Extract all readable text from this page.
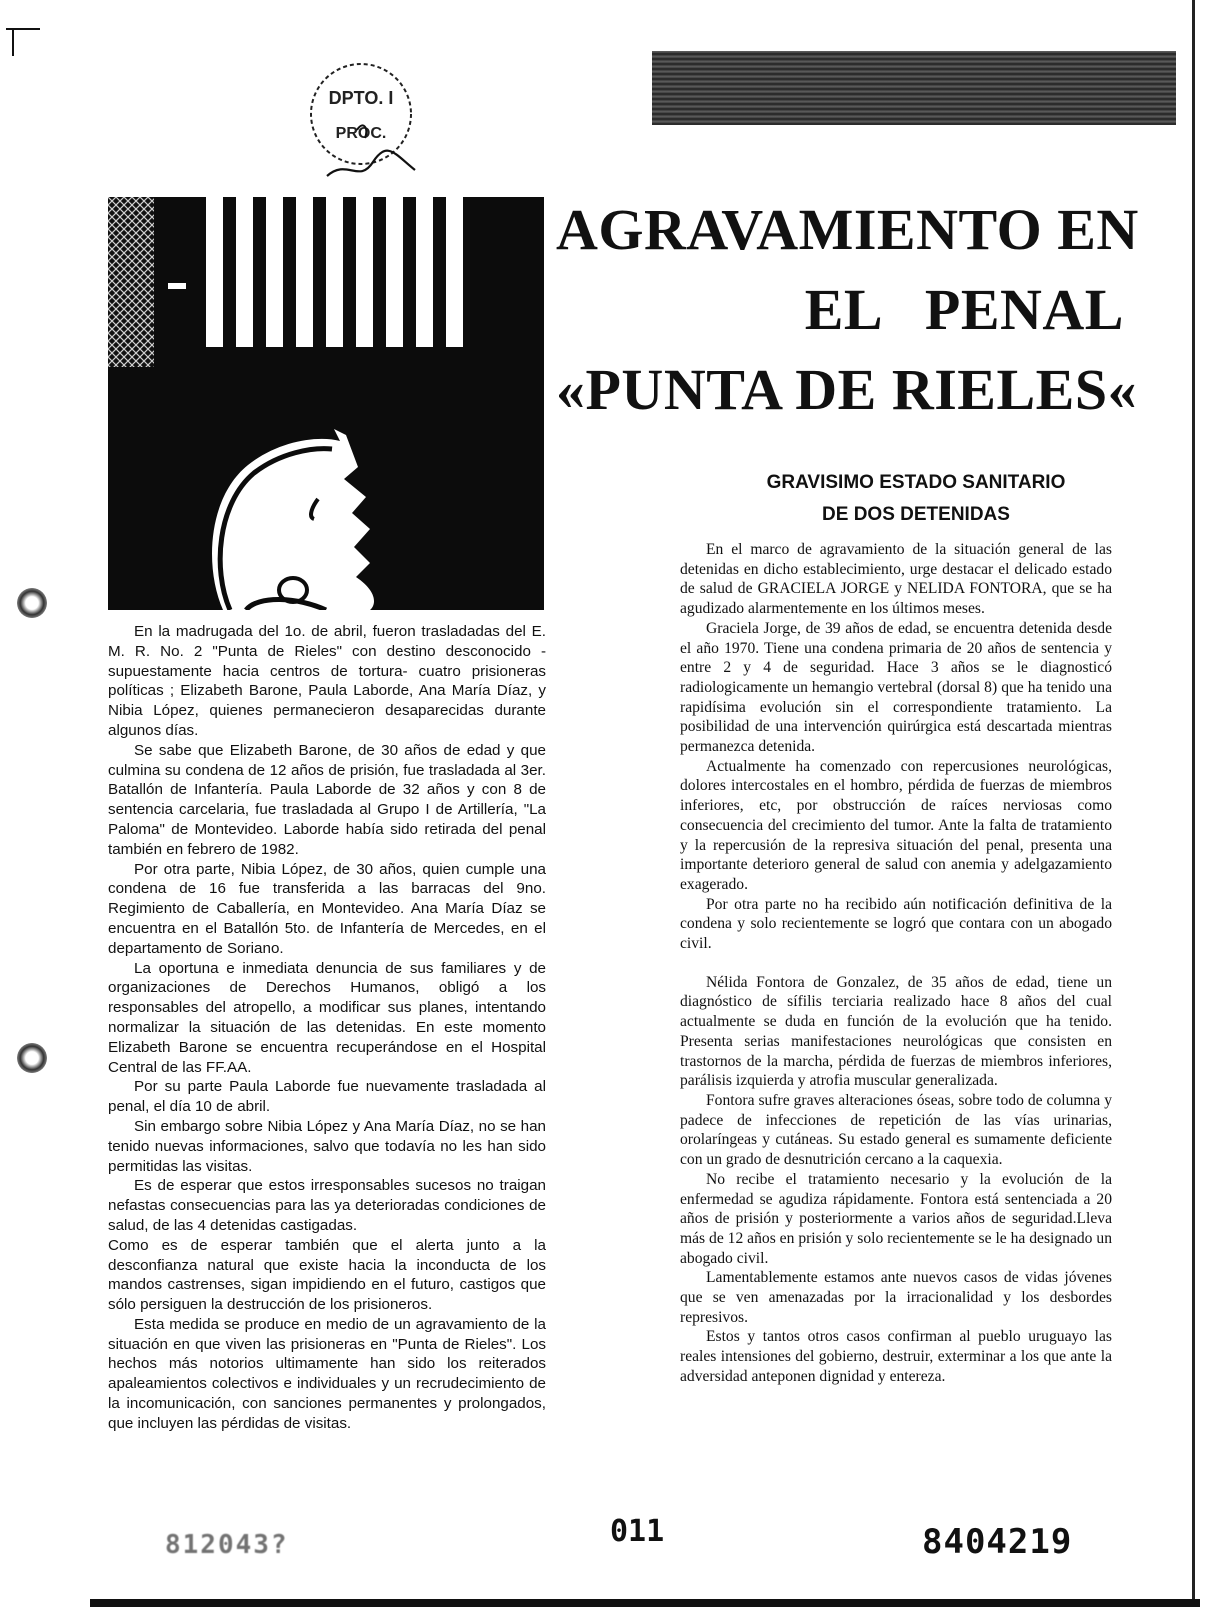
DPTO. I
PROC.
AGRAVAMIENTO EN
EL   PENAL
«PUNTA DE RIELES«
GRAVISIMO ESTADO SANITARIO
DE DOS DETENIDAS

En la madrugada del 1o. de abril, fueron trasladadas del E. M. R. No. 2 "Punta de Rieles" con destino desconocido -supuestamente hacia centros de tortura- cuatro prisioneras políticas ; Elizabeth Barone, Paula Laborde, Ana María Díaz, y Nibia López, quienes permanecieron desaparecidas durante algunos días.

Se sabe que Elizabeth Barone, de 30 años de edad y que culmina su condena de 12 años de prisión, fue trasladada al 3er. Batallón de Infantería. Paula Laborde de 32 años y con 8 de sentencia carcelaria, fue trasladada al Grupo I de Artillería, "La Paloma" de Montevideo. Laborde había sido retirada del penal también en febrero de 1982.

Por otra parte, Nibia López, de 30 años, quien cumple una condena de 16 fue transferida a las barracas del 9no. Regimiento de Caballería, en Montevideo. Ana María Díaz se encuentra en el Batallón 5to. de Infantería de Mercedes, en el departamento de Soriano.

La oportuna e inmediata denuncia de sus familiares y de organizaciones de Derechos Humanos, obligó a los responsables del atropello, a modificar sus planes, intentando normalizar la situación de las detenidas. En este momento Elizabeth Barone se encuentra recuperándose en el Hospital Central de las FF.AA.

Por su parte Paula Laborde fue nuevamente trasladada al penal, el día 10 de abril.

Sin embargo sobre Nibia López y Ana María Díaz, no se han tenido nuevas informaciones, salvo que todavía no les han sido permitidas las visitas.

Es de esperar que estos irresponsables sucesos no traigan nefastas consecuencias para las ya deterioradas condiciones de salud, de las 4 detenidas castigadas.

Como es de esperar también que el alerta junto a la desconfianza natural que existe hacia la inconducta de los mandos castrenses, sigan impidiendo en el futuro, castigos que sólo persiguen la destrucción de los prisioneros.

Esta medida se produce en medio de un agravamiento de la situación en que viven las prisioneras en "Punta de Rieles". Los hechos más notorios ultimamente han sido los reiterados apaleamientos colectivos e individuales y un recrudecimiento de la incomunicación, con sanciones permanentes y prolongados, que incluyen las pérdidas de visitas.

En el marco de agravamiento de la situación general de las detenidas en dicho establecimiento, urge destacar el delicado estado de salud de GRACIELA JORGE y NELIDA FONTORA, que se ha agudizado alarmentemente en los últimos meses.

Graciela Jorge, de 39 años de edad, se encuentra detenida desde el año 1970. Tiene una condena primaria de 20 años de sentencia y entre 2 y 4 de seguridad. Hace 3 años se le diagnosticó radiologicamente un hemangio vertebral (dorsal 8) que ha tenido una rapidísima evolución sin el correspondiente tratamiento. La posibilidad de una intervención quirúrgica está descartada mientras permanezca detenida.

Actualmente ha comenzado con repercusiones neurológicas, dolores intercostales en el hombro, pérdida de fuerzas de miembros inferiores, etc, por obstrucción de raíces nerviosas como consecuencia del crecimiento del tumor. Ante la falta de tratamiento y la repercusión de la represiva situación del penal, presenta una importante deterioro general de salud con anemia y adelgazamiento exagerado.

Por otra parte no ha recibido aún notificación definitiva de la condena y solo recientemente se logró que contara con un abogado civil.

Nélida Fontora de Gonzalez, de 35 años de edad, tiene un diagnóstico de sífilis terciaria realizado hace 8 años del cual actualmente se duda en función de la evolución que ha tenido. Presenta serias manifestaciones neurológicas que consisten en trastornos de la marcha, pérdida de fuerzas de miembros inferiores, parálisis izquierda y atrofia muscular generalizada.

Fontora sufre graves alteraciones óseas, sobre todo de columna y padece de infecciones de repetición de las vías urinarias, orolaríngeas y cutáneas. Su estado general es sumamente deficiente con un grado de desnutrición cercano a la caquexia.

No recibe el tratamiento necesario y la evolución de la enfermedad se agudiza rápidamente. Fontora está sentenciada a 20 años de prisión y posteriormente a varios años de seguridad.Lleva más de 12 años en prisión y solo recientemente se le ha designado un abogado civil.

Lamentablemente estamos ante nuevos casos de vidas jóvenes que se ven amenazadas por la irracionalidad y los desbordes represivos.

Estos y tantos otros casos confirman al pueblo uruguayo las reales intensiones del gobierno, destruir, exterminar a los que ante la adversidad anteponen dignidad y entereza.

812043?	011	8404219
